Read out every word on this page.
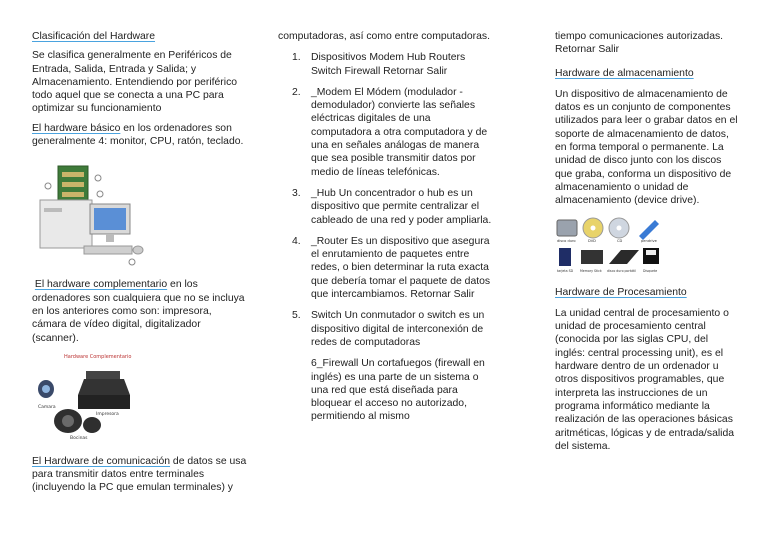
Clasificación del Hardware

Se clasifica generalmente en Periféricos de Entrada, Salida, Entrada y Salida; y Almacenamiento. Entendiendo por periférico todo aquel que se conecta a una PC para optimizar su funcionamiento

El hardware básico en los ordenadores son generalmente 4: monitor, CPU, ratón, teclado.

El hardware complementario en los ordenadores son cualquiera que no se incluya en los anteriores como son: impresora, cámara de vídeo digital, digitalizador (scanner).

Hardware Complementario
Camara
Impresora
Bocinas

El Hardware de comunicación de datos se usa para transmitir datos entre terminales (incluyendo la PC que emulan terminales) y

computadoras, así como entre computadoras.

1. Dispositivos Modem Hub Routers Switch Firewall Retornar Salir
2. _Modem El Módem (modulador - demodulador) convierte las señales eléctricas digitales de una computadora a otra computadora y de una en señales análogas de manera que sea posible transmitir datos por medio de líneas telefónicas.
3. _Hub Un concentrador o hub es un dispositivo que permite centralizar el cableado de una red y poder ampliarla.
4. _Router Es un dispositivo que asegura el enrutamiento de paquetes entre redes, o bien determinar la ruta exacta que debería tomar el paquete de datos que intercambiamos. Retornar Salir
5. Switch Un conmutador o switch es un dispositivo digital de interconexión de redes de computadoras

6_Firewall Un cortafuegos (firewall en inglés) es una parte de un sistema o una red que está diseñada para bloquear el acceso no autorizado, permitiendo al mismo

tiempo comunicaciones autorizadas. Retornar Salir

Hardware de almacenamiento

Un dispositivo de almacenamiento de datos es un conjunto de componentes utilizados para leer o grabar datos en el soporte de almacenamiento de datos, en forma temporal o permanente. La unidad de disco junto con los discos que graba, conforma un dispositivo de almacenamiento o unidad de almacenamiento (device drive).

disco duro	DVD	CD	pendrive
tarjeta SD Memory Stick disco duro portátil Disquete

Hardware de Procesamiento

La unidad central de procesamiento o unidad de procesamiento central (conocida por las siglas CPU, del inglés: central processing unit), es el hardware dentro de un ordenador u otros dispositivos programables, que interpreta las instrucciones de un programa informático mediante la realización de las operaciones básicas aritméticas, lógicas y de entrada/salida del sistema.
